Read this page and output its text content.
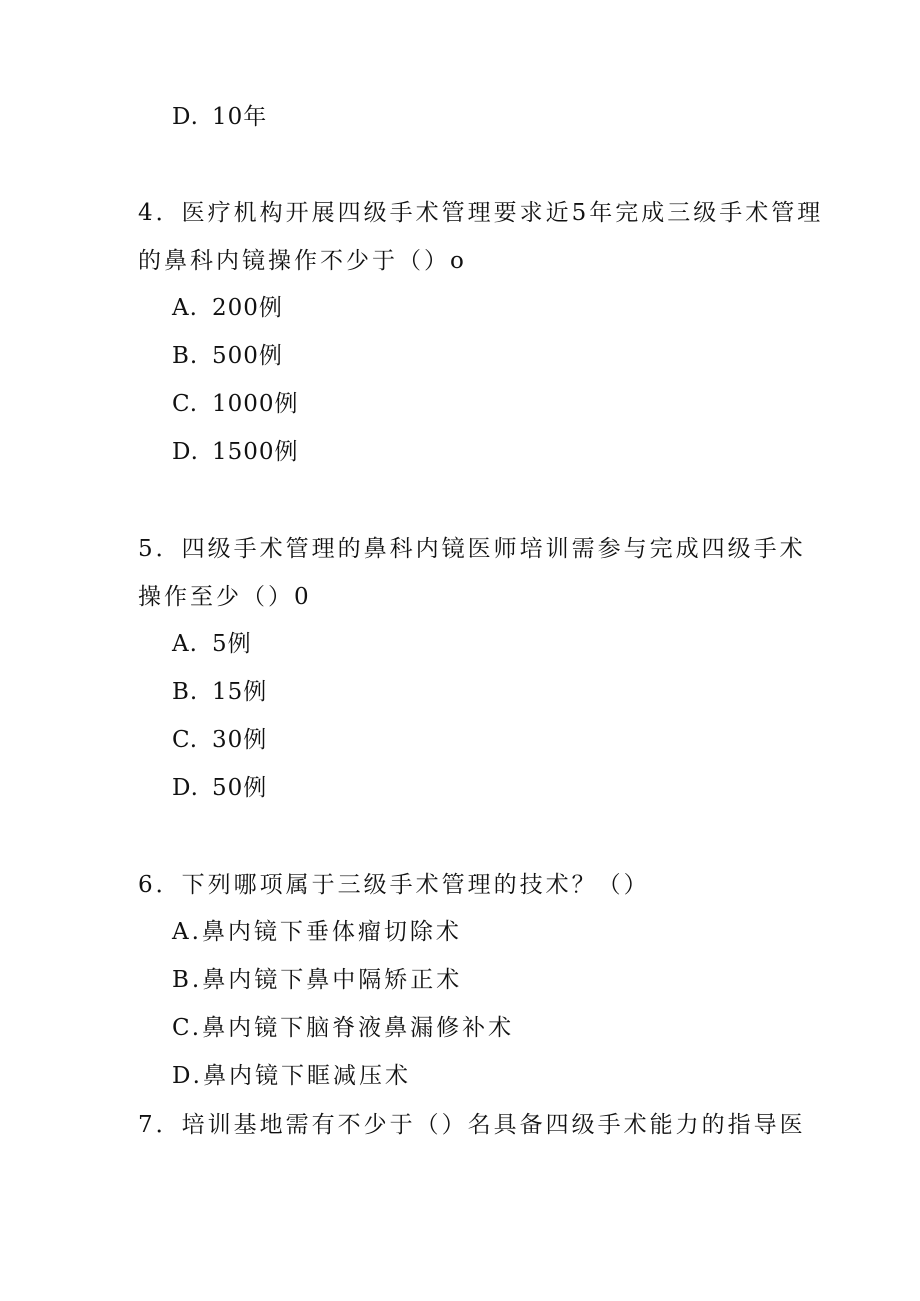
D. 10年
4．医疗机构开展四级手术管理要求近5年完成三级手术管理
的鼻科内镜操作不少于（）o
A. 200例
B. 500例
C. 1000例
D. 1500例
5．四级手术管理的鼻科内镜医师培训需参与完成四级手术
操作至少（）0
A. 5例
B. 15例
C. 30例
D. 50例
6．下列哪项属于三级手术管理的技术？（）
A.鼻内镜下垂体瘤切除术
B.鼻内镜下鼻中隔矫正术
C.鼻内镜下脑脊液鼻漏修补术
D.鼻内镜下眶减压术
7．培训基地需有不少于（）名具备四级手术能力的指导医
